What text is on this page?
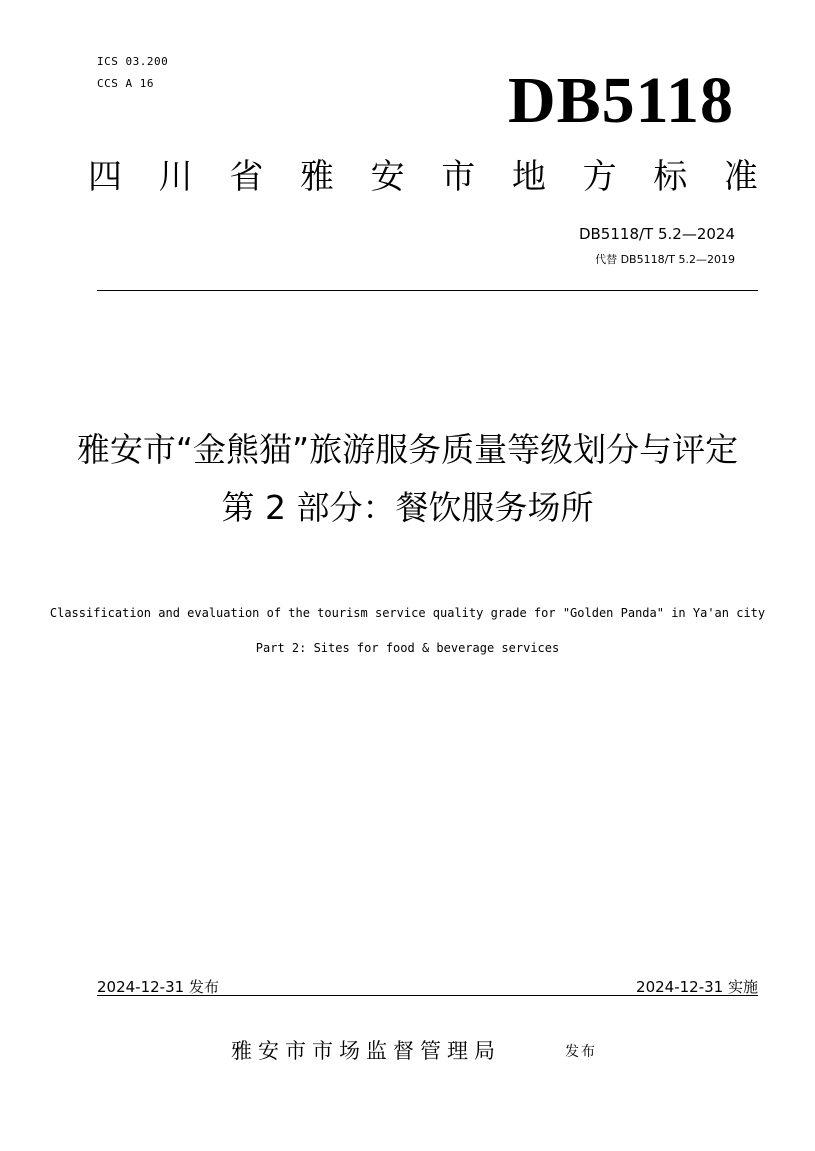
ICS 03.200
CCS A 16	DB5118
四 川 省 雅 安 市 地 方 标 准
DB5118/T 5.2—2024
代替 DB5118/T 5.2—2019
雅安市“金熊猫”旅游服务质量等级划分与评定
第 2 部分：餐饮服务场所
Classification and evaluation of the tourism service quality grade for "Golden Panda" in Ya'an city
Part 2: Sites for food & beverage services
2024-12-31 发布	2024-12-31 实施
雅安市市场监督管理局	发布
